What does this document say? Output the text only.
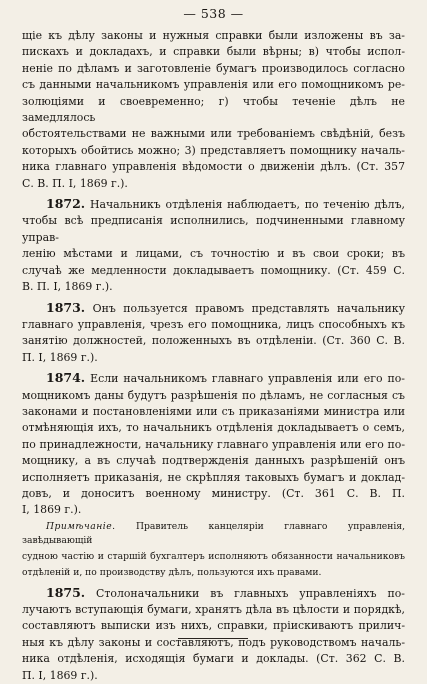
— 538 —

щіе къ дѣлу законы и нужныя справки были изложены въ за-
пискахъ и докладахъ, и справки были вѣрны; в) чтобы испол-
неніе по дѣламъ и заготовленіе бумагъ производилось согласно
съ данными начальникомъ управленія или его помощникомъ ре-
золюціями и своевременно; г) чтобы теченіе дѣлъ не замедлялось
обстоятельствами не важными или требованіемъ свѣдѣній, безъ
которыхъ обойтись можно; 3) представляетъ помощнику началь-
ника главнаго управленія вѣдомости о движеніи дѣлъ. (Ст. 357
С. В. П. I, 1869 г.).

1872. Начальникъ отдѣленія наблюдаетъ, по теченію дѣлъ,
чтобы всѣ предписанія исполнились, подчиненными главному управ-
ленію мѣстами и лицами, съ точностію и въ свои сроки; въ
случаѣ же медленности докладываетъ помощнику. (Ст. 459 С.
В. П. I, 1869 г.).

1873. Онъ пользуется правомъ представлять начальнику
главнаго управленія, чрезъ его помощника, лицъ способныхъ къ
занятію должностей, положенныхъ въ отдѣленіи. (Ст. 360 С. В.
П. I, 1869 г.).

1874. Если начальникомъ главнаго управленія или его по-
мощникомъ даны будутъ разрѣшенія по дѣламъ, не согласныя съ
законами и постановленіями или съ приказаніями министра или
отмѣняющія ихъ, то начальникъ отдѣленія докладываетъ о семъ,
по принадлежности, начальнику главнаго управленія или его по-
мощнику, а въ случаѣ подтвержденія данныхъ разрѣшеній онъ
исполняетъ приказанія, не скрѣпляя таковыхъ бумагъ и доклад-
довъ, и доноситъ военному министру. (Ст. 361 С. В. П.
I, 1869 г.).

Примѣчаніе. Правитель канцеляріи главнаго управленія, завѣдывающій
судною частію и старшій бухгалтеръ исполняютъ обязанности начальниковъ
отдѣленій и, по производству дѣлъ, пользуются ихъ правами.

1875. Столоначальники въ главныхъ управленіяхъ по-
лучаютъ вступающія бумаги, хранятъ дѣла въ цѣлости и порядкѣ,
составляютъ выписки изъ нихъ, справки, пріискиваютъ прилич-
ныя къ дѣлу законы и составляютъ, подъ руководствомъ началь-
ника отдѣленія, исходящія бумаги и доклады. (Ст. 362 С. В.
П. I, 1869 г.).
